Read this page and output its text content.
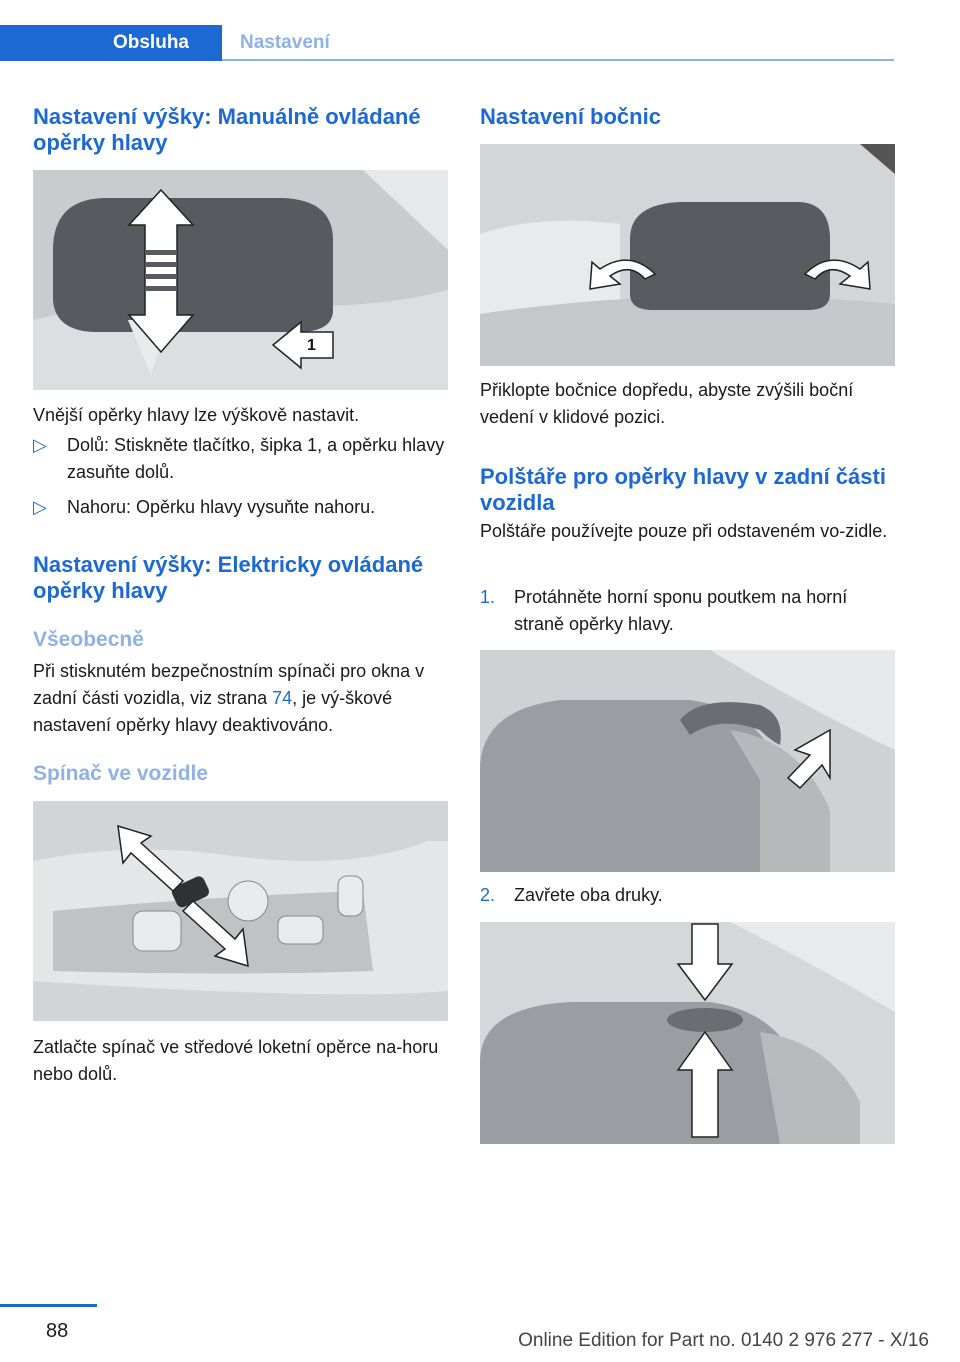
Obsluha	Nastavení
Nastavení výšky: Manuálně ovládané opěrky hlavy
1

Vnější opěrky hlavy lze výškově nastavit.

▷ Dolů: Stiskněte tlačítko, šipka 1, a opěrku hlavy zasuňte dolů.
▷ Nahoru: Opěrku hlavy vysuňte nahoru.
Nastavení výšky: Elektricky ovládané opěrky hlavy
Všeobecně

Při stisknutém bezpečnostním spínači pro okna v zadní části vozidla, viz strana 74, je vý‐škové nastavení opěrky hlavy deaktivováno.

Spínač ve vozidle

Zatlačte spínač ve středové loketní opěrce na‐horu nebo dolů.

Nastavení bočnic

Přiklopte bočnice dopředu, abyste zvýšili boční vedení v klidové pozici.

Polštáře pro opěrky hlavy v zadní části vozidla

Polštáře používejte pouze při odstaveném vo‐zidle.

1. Protáhněte horní sponu poutkem na horní straně opěrky hlavy.
2. Zavřete oba druky.
88	Online Edition for Part no. 0140 2 976 277 - X/16
